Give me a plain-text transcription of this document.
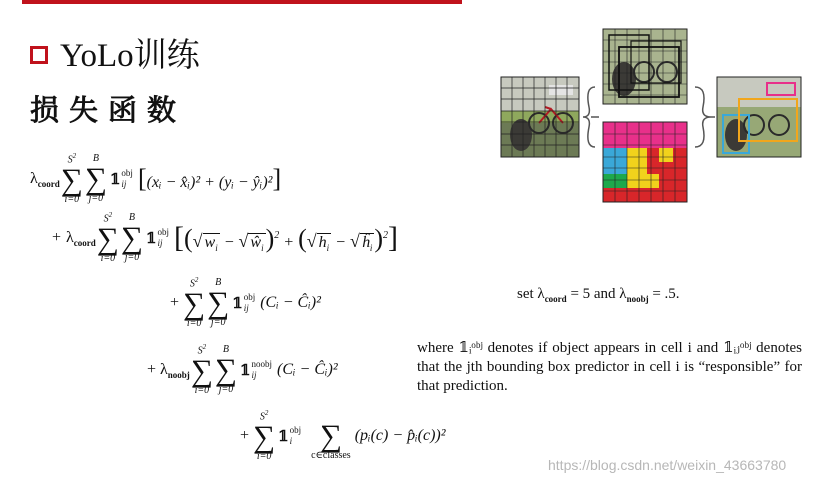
YoLo训练
损失函数
$\lambda_{coord}$
$S^2$
∑
i=0
B
∑
j=0
𝟙 obj
ij [(xᵢ − x̂ᵢ)² + (yᵢ − ŷᵢ)²]
+ $\lambda_{coord}$
$S^2$
∑
i=0
B
∑
j=0
𝟙 obj
ij [(√ $w_i$ − √ $ŵ_i)^2$ + (√ $h_i$ − √ $ĥ_i)^2$]
+
$S^2$
∑
i=0
B
∑
j=0
𝟙 obj
ij (Cᵢ − Ĉᵢ)²
+ $\lambda_{noobj}$
$S^2$
∑
i=0
B
∑
j=0
𝟙 noobj
ij	(Cᵢ − Ĉᵢ)²
+
$S^2$
∑
i=0
𝟙 obj
i
∑
c∈classes
(pᵢ(c) − p̂ᵢ(c))²
set $\lambda_{coord} = 5$ and $\lambda_{noobj} = .5$.
where 𝟙ᵢᵒᵇʲ denotes if object appears in cell i and 𝟙ᵢⱼᵒᵇʲ denotes that the jth bounding box predictor in cell i is “responsible” for that prediction.
https://blog.csdn.net/weixin_43663780
